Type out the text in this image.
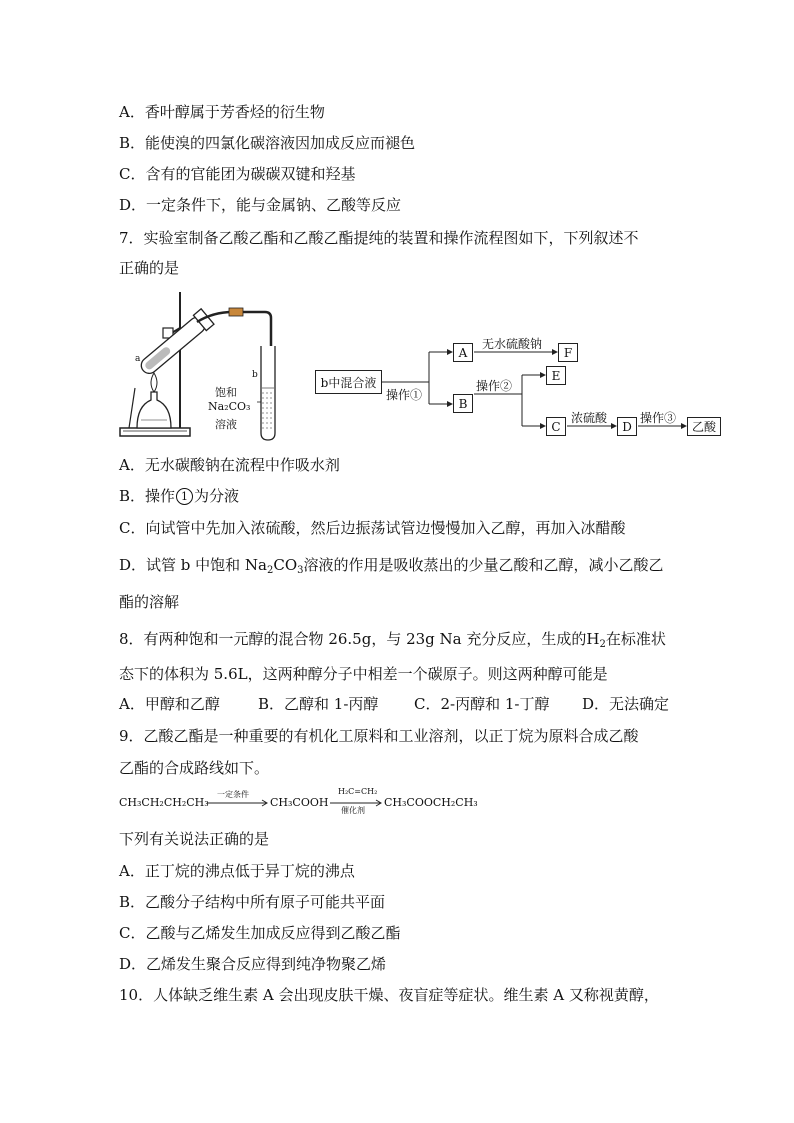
A．香叶醇属于芳香烃的衍生物
B．能使溴的四氯化碳溶液因加成反应而褪色
C．含有的官能团为碳碳双键和羟基
D．一定条件下，能与金属钠、乙酸等反应
7．实验室制备乙酸乙酯和乙酸乙酯提纯的装置和操作流程图如下，下列叙述不
正确的是
a
b
饱和
Na₂CO₃
溶液
b中混合液
操作①
A
无水硫酸钠
F
B
操作②
E
C
浓硫酸
D
操作③
乙酸
A．无水碳酸钠在流程中作吸水剂
B．操作 1 为分液
C．向试管中先加入浓硫酸，然后边振荡试管边慢慢加入乙醇，再加入冰醋酸
D．试管 b 中饱和 $Na_2CO_3$溶液的作用是吸收蒸出的少量乙酸和乙醇，减小乙酸乙
酯的溶解
8．有两种饱和一元醇的混合物 26.5g，与 23g Na 充分反应，生成的$H_2$在标准状
态下的体积为 5.6L，这两种醇分子中相差一个碳原子。则这两种醇可能是
A．甲醇和乙醇	B．乙醇和 1-丙醇 C．2-丙醇和 1-丁醇 D．无法确定
9．乙酸乙酯是一种重要的有机化工原料和工业溶剂，以正丁烷为原料合成乙酸
乙酯的合成路线如下。
CH₃CH₂CH₂CH₃
一定条件
CH₃COOH
H₂C=CH₂
催化剂
CH₃COOCH₂CH₃
下列有关说法正确的是
A．正丁烷的沸点低于异丁烷的沸点
B．乙酸分子结构中所有原子可能共平面
C．乙酸与乙烯发生加成反应得到乙酸乙酯
D．乙烯发生聚合反应得到纯净物聚乙烯
10．人体缺乏维生素 A 会出现皮肤干燥、夜盲症等症状。维生素 A 又称视黄醇，
